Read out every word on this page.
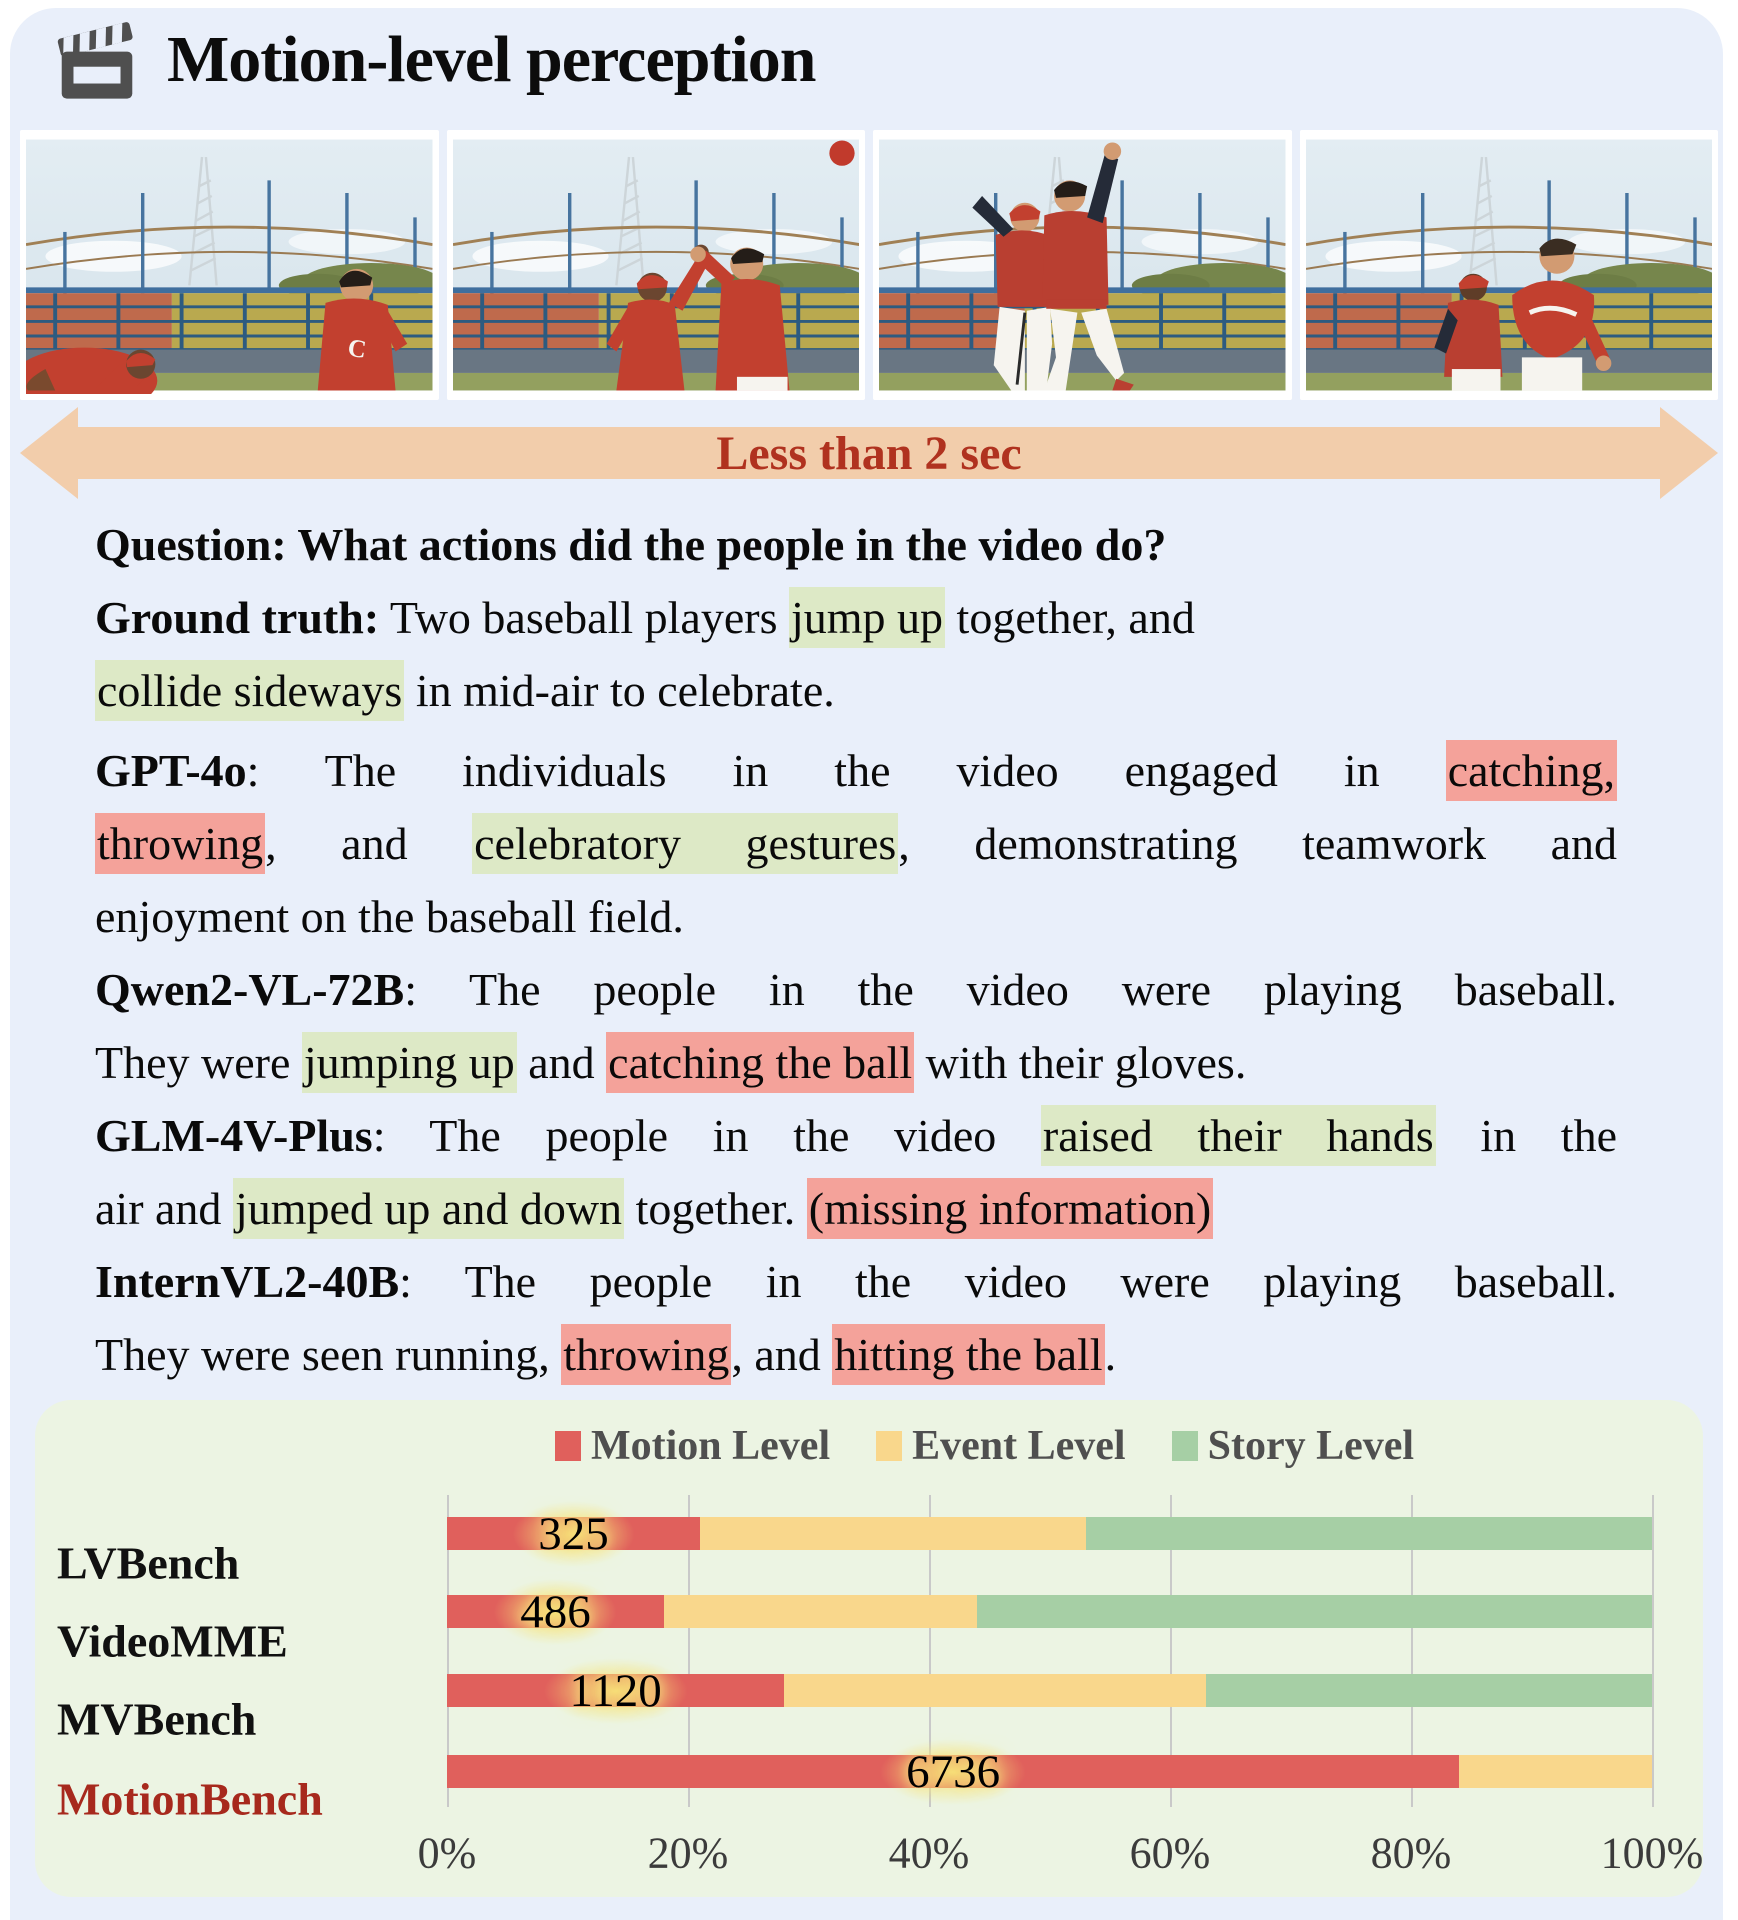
Motion-level perception
C
Less than 2 sec
Question: What actions did the people in the video do?
Ground truth: Two baseball players jump up together, and
collide sideways in mid-air to celebrate.
GPT-4o: The individuals in the video engaged in catching,
throwing, and celebratory gestures, demonstrating teamwork and
enjoyment on the baseball field.
Qwen2-VL-72B: The people in the video were playing baseball.
They were jumping up and catching the ball with their gloves.
GLM-4V-Plus: The people in the video raised their hands in the
air and jumped up and down together. (missing information)
InternVL2-40B: The people in the video were playing baseball.
They were seen running, throwing, and hitting the ball.
Motion Level Event Level Story Level
0%	20%	40%	60%	80%	100%
LVBench
325
VideoMME
486
MVBench
1120
MotionBench
6736
